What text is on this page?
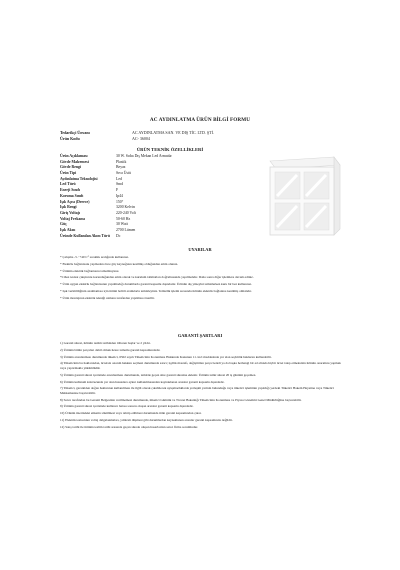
AC AYDINLATMA ÜRÜN BİLGİ FORMU
Tedarikçi Ünvanı	AC AYDINLATMA SAN. VE DIŞ TİC. LTD. ŞTİ.
Ürün Kodu	AC- 36004
ÜRÜN TEKNİK ÖZELLİKLERİ
Ürün Açıklaması	30 W. Sıdıa Dış Mekan Led Armatür
Gövde Malzemesi	Plastik
Gövde Rengi	Beyaz
Ürün Tipi	Sıva Üstü
Aydınlatma Teknolojisi	Led
Led Türü	Smd
Enerji Sınıfı	F
Koruma Sınıfı	Ip44
Işık Açısı (Derece)	150°
Işık Rengi	3200 Kelvin
Giriş Voltajı	220-240 Volt
Voltaj Frekansı	50-60 Hz
Güç	30 Watt
Işık Akısı	2700 Lümen
Üründe Kullanılan Akım Türü	Dc
UYARILAR

* Çalışma -5 / +40 C° sıcaklık aralığında kullanınız.

* Elektrik bağlantısını yapmadan önce güç kaynağının kesilmiş olduğundan emin olunuz.

* Ürünün elektrik bağlantısını tamamlayınız.

*Cihaz tesisat çıkışlarını korunduğundan emin olarak ve kurulum talimatları doğrultusunda yapılmalıdır. Daha sonra diğer işlemlere devam ediniz.

* Ürün uygun elektrik bağlantısının yapılmadığı durumlarda garanti kapsamı dışındadır. Ürünün dış yüzeyini temizlerken kuru bir bez kullanınız.

* Işık verimliliğinin azalmaması için ürünü belirli aralıklarla temizleyiniz. Temizlik işlemi sırasında ürünün elektrik bağlantısı kesilmiş olmalıdır.

* Ürün montajının elektrik tekniği uzmanı tarafından yapılması önerilir.

GARANTİ ŞARTLARI

1) Garanti süresi, ürünün teslim tarihinden itibaren başlar ve 2 yıldır.

2) Ürünün bütün parçaları dahil olmak üzere tamamı garanti kapsamındadır.

3) Ürünün arızalanması durumunda tüketici, 6502 sayılı Tüketicinin Korunması Hakkında Kanunun 11. inci maddesinde yer alan seçimlik haklarını kullanabilir.

4) Tüketicinin bu haklarından, ücretsiz onarım hakkını seçmesi durumunda satıcı; işçilik masrafı, değiştirilen parça bedeli ya da başka herhangi bir ad altında hiçbir ücret talep etmeksizin ürünün onarımını yapmak veya yaptırmakla yükümlüdür.

5) Ürünün garanti süresi içerisinde arızalanması durumunda, tamirde geçen süre garanti süresine eklenir. Ürünün tamir süresi 20 iş gününü geçemez.

6) Ürünün kullanım kılavuzunda yer alan hususlara aykırı kullanılmasından kaynaklanan arızalar garanti kapsamı dışındadır.

7) Tüketici, garantiden doğan haklarının kullanılması ile ilgili olarak çıkabilecek uyuşmazlıklarda yerleşim yerinin bulunduğu veya tüketici işleminin yapıldığı yerdeki Tüketici Hakem Heyetine veya Tüketici Mahkemesine başvurabilir.

8) Satıcı tarafından bu Garanti Belgesinin verilmemesi durumunda, tüketici Gümrük ve Ticaret Bakanlığı Tüketicinin Korunması ve Piyasa Gözetimi Genel Müdürlüğüne başvurabilir.

9) Ürünün garanti süresi içerisinde kullanıcı hatası sonucu oluşan arızalar garanti kapsamı dışındadır.

10) Ürünün üzerindeki etiketin sökülmesi veya tahrip edilmesi durumunda ürün garanti kapsamından çıkar.

11) Elektrik tesisatının voltaj dalgalanmaları, yıldırım düşmesi gibi durumlardan kaynaklanan arızalar garanti kapsamında değildir.

12) Satış tarihi ile ürünün teslim tarihi arasında geçen sürede oluşan hasarlardan satıcı firma sorumludur.
